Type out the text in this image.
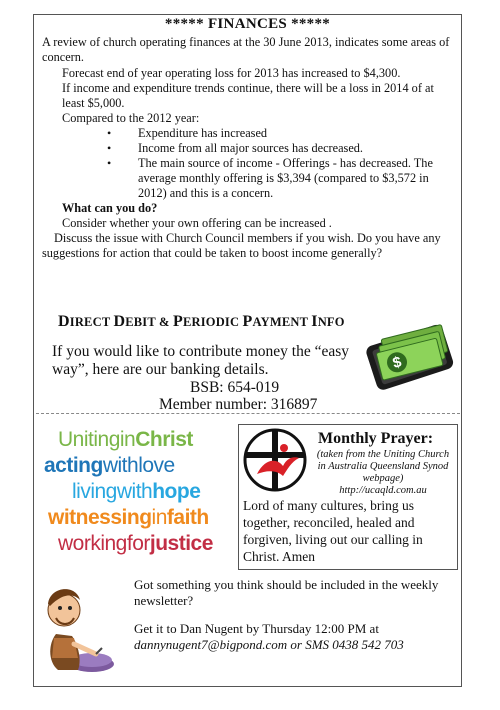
***** FINANCES *****
A review of church operating finances at the 30 June 2013, indicates some areas of concern.
Forecast end of year operating loss for 2013 has increased to $4,300.
If income and expenditure trends continue, there will be a loss in 2014 of at least $5,000.
Compared to the 2012 year:
• Expenditure has increased
• Income from all major sources has decreased.
• The main source of income - Offerings - has decreased. The average monthly offering is $3,394 (compared to $3,572 in 2012) and this is a concern.
What can you do?
Consider whether your own offering can be increased .
Discuss the issue with Church Council members if you wish. Do you have any suggestions for action that could be taken to boost income generally?
DIRECT DEBIT & PERIODIC PAYMENT INFO
If you would like to contribute money the “easy
way”, here are our banking details.
BSB: 654-019
Member number: 316897
$
UnitinginChrist
actingwithlove
livingwithhope
witnessinginfaith
workingforjustice
Monthly Prayer:
(taken from the Uniting Church in Australia Queensland Synod webpage)
http://ucaqld.com.au
Lord of many cultures, bring us together, reconciled, healed and forgiven, living out our calling in Christ. Amen
Got something you think should be included in the weekly newsletter?
Get it to Dan Nugent by Thursday 12:00 PM at
dannynugent7@bigpond.com or SMS 0438 542 703
